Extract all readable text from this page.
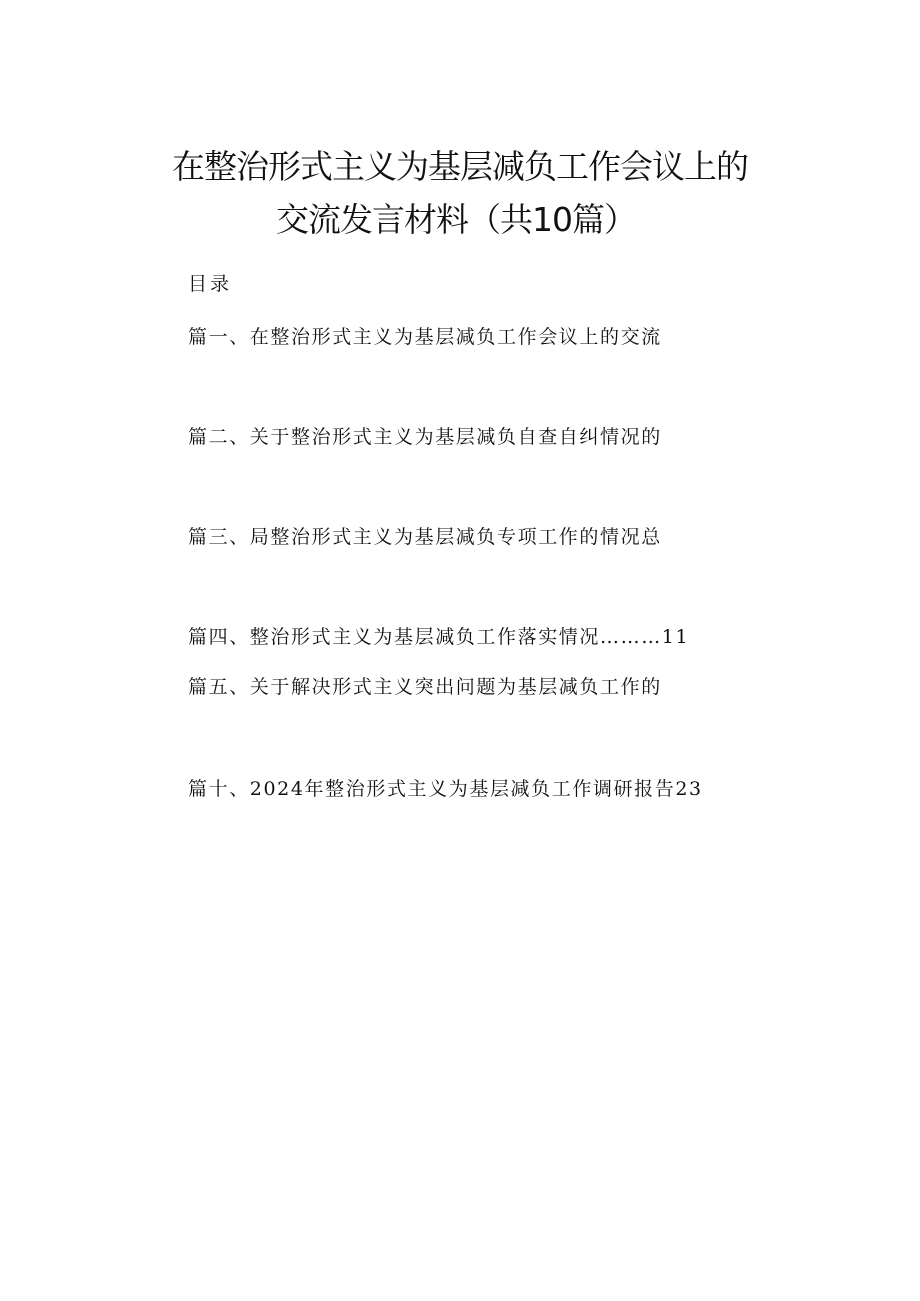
在整治形式主义为基层减负工作会议上的
交流发言材料（共10篇）
目录
篇一、在整治形式主义为基层减负工作会议上的交流
篇二、关于整治形式主义为基层减负自查自纠情况的
篇三、局整治形式主义为基层减负专项工作的情况总
篇四、整治形式主义为基层减负工作落实情况………11
篇五、关于解决形式主义突出问题为基层减负工作的
篇十、2024年整治形式主义为基层减负工作调研报告23
